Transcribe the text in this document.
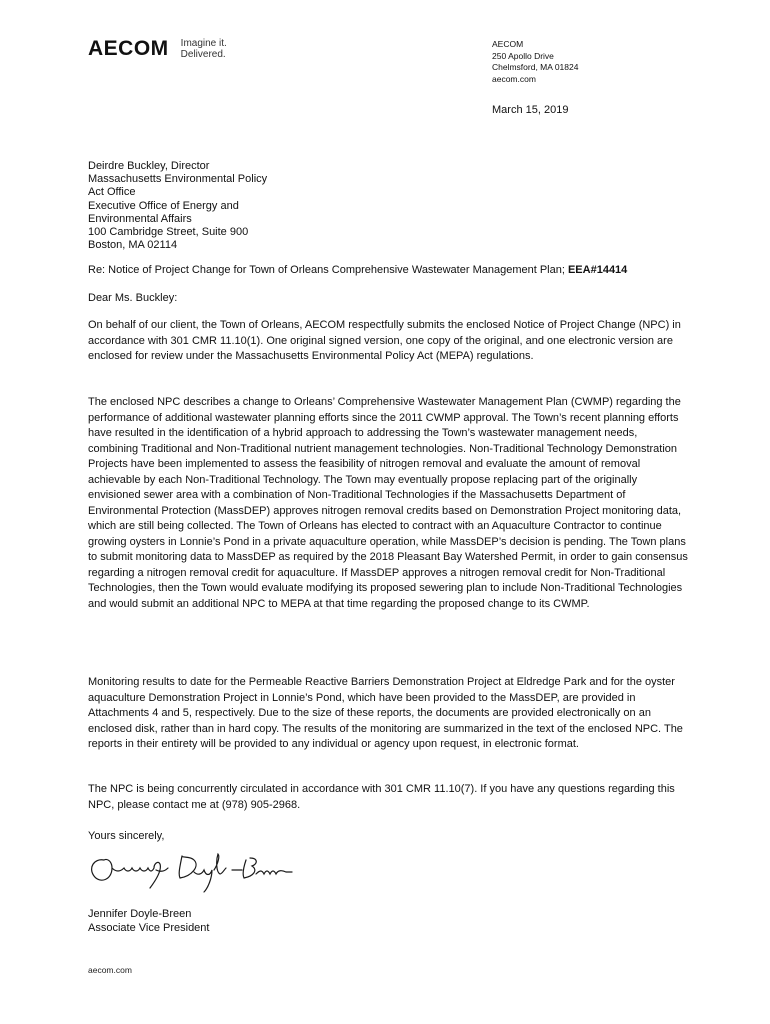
AECOM Imagine it.
Delivered.
AECOM
250 Apollo Drive
Chelmsford, MA 01824
aecom.com
March 15, 2019
Deirdre Buckley, Director
Massachusetts Environmental Policy
Act Office
Executive Office of Energy and
Environmental Affairs
100 Cambridge Street, Suite 900
Boston, MA 02114
Re: Notice of Project Change for Town of Orleans Comprehensive Wastewater Management Plan; EEA#14414
Dear Ms. Buckley:

On behalf of our client, the Town of Orleans, AECOM respectfully submits the enclosed Notice of Project Change (NPC) in accordance with 301 CMR 11.10(1). One original signed version, one copy of the original, and one electronic version are enclosed for review under the Massachusetts Environmental Policy Act (MEPA) regulations.

The enclosed NPC describes a change to Orleans’ Comprehensive Wastewater Management Plan (CWMP) regarding the performance of additional wastewater planning efforts since the 2011 CWMP approval. The Town’s recent planning efforts have resulted in the identification of a hybrid approach to addressing the Town’s wastewater management needs, combining Traditional and Non-Traditional nutrient management technologies. Non-Traditional Technology Demonstration Projects have been implemented to assess the feasibility of nitrogen removal and evaluate the amount of removal achievable by each Non-Traditional Technology. The Town may eventually propose replacing part of the originally envisioned sewer area with a combination of Non-Traditional Technologies if the Massachusetts Department of Environmental Protection (MassDEP) approves nitrogen removal credits based on Demonstration Project monitoring data, which are still being collected. The Town of Orleans has elected to contract with an Aquaculture Contractor to continue growing oysters in Lonnie’s Pond in a private aquaculture operation, while MassDEP’s decision is pending. The Town plans to submit monitoring data to MassDEP as required by the 2018 Pleasant Bay Watershed Permit, in order to gain consensus regarding a nitrogen removal credit for aquaculture. If MassDEP approves a nitrogen removal credit for Non-Traditional Technologies, then the Town would evaluate modifying its proposed sewering plan to include Non-Traditional Technologies and would submit an additional NPC to MEPA at that time regarding the proposed change to its CWMP.

Monitoring results to date for the Permeable Reactive Barriers Demonstration Project at Eldredge Park and for the oyster aquaculture Demonstration Project in Lonnie’s Pond, which have been provided to the MassDEP, are provided in Attachments 4 and 5, respectively. Due to the size of these reports, the documents are provided electronically on an enclosed disk, rather than in hard copy. The results of the monitoring are summarized in the text of the enclosed NPC. The reports in their entirety will be provided to any individual or agency upon request, in electronic format.

The NPC is being concurrently circulated in accordance with 301 CMR 11.10(7). If you have any questions regarding this NPC, please contact me at (978) 905-2968.

Yours sincerely,
Jennifer Doyle-Breen
Associate Vice President
aecom.com
